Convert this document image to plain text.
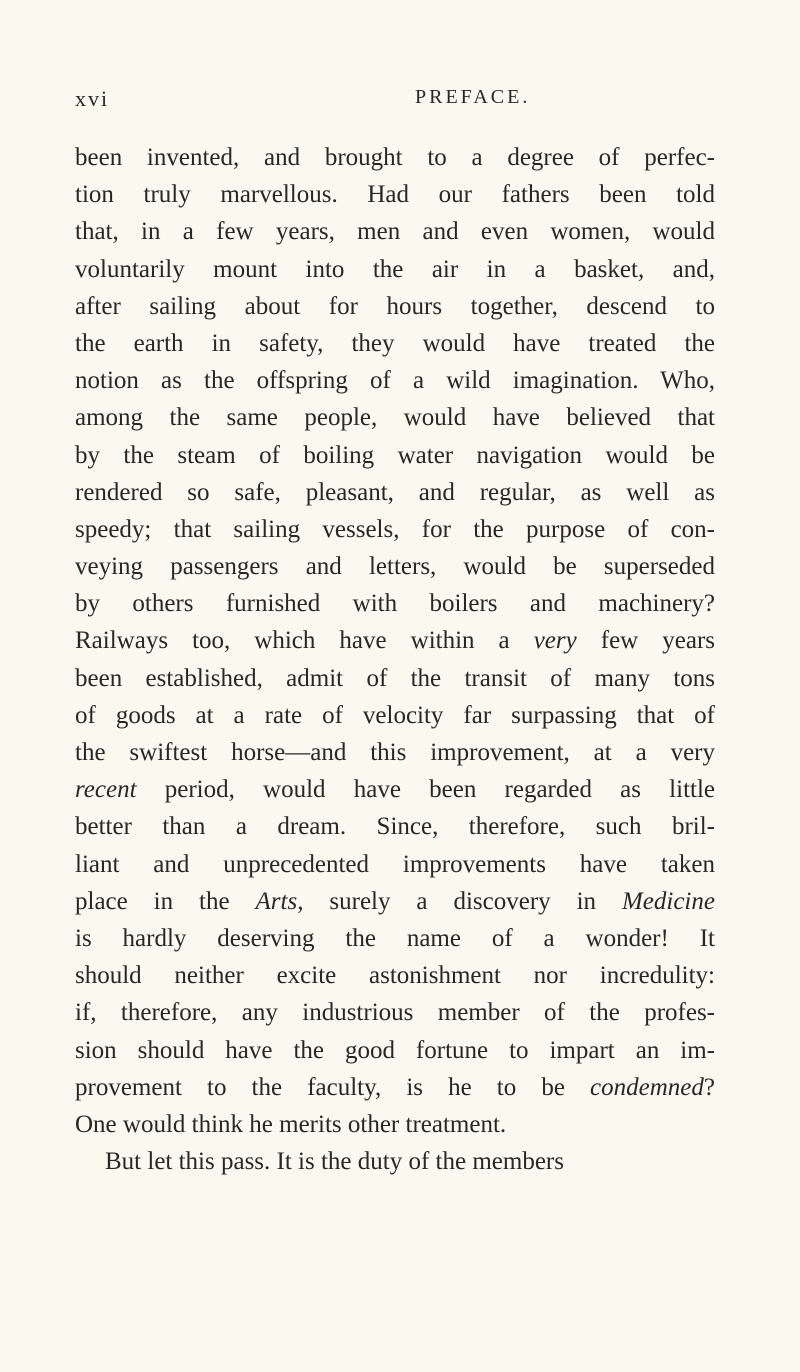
xvi	PREFACE.
been invented, and brought to a degree of perfec-
tion truly marvellous. Had our fathers been told
that, in a few years, men and even women, would
voluntarily mount into the air in a basket, and,
after sailing about for hours together, descend to
the earth in safety, they would have treated the
notion as the offspring of a wild imagination. Who,
among the same people, would have believed that
by the steam of boiling water navigation would be
rendered so safe, pleasant, and regular, as well as
speedy; that sailing vessels, for the purpose of con-
veying passengers and letters, would be superseded
by others furnished with boilers and machinery?
Railways too, which have within a very few years
been established, admit of the transit of many tons
of goods at a rate of velocity far surpassing that of
the swiftest horse—and this improvement, at a very
recent period, would have been regarded as little
better than a dream. Since, therefore, such bril-
liant and unprecedented improvements have taken
place in the Arts, surely a discovery in Medicine
is hardly deserving the name of a wonder! It
should neither excite astonishment nor incredulity:
if, therefore, any industrious member of the profes-
sion should have the good fortune to impart an im-
provement to the faculty, is he to be condemned?
One would think he merits other treatment.
But let this pass. It is the duty of the members
